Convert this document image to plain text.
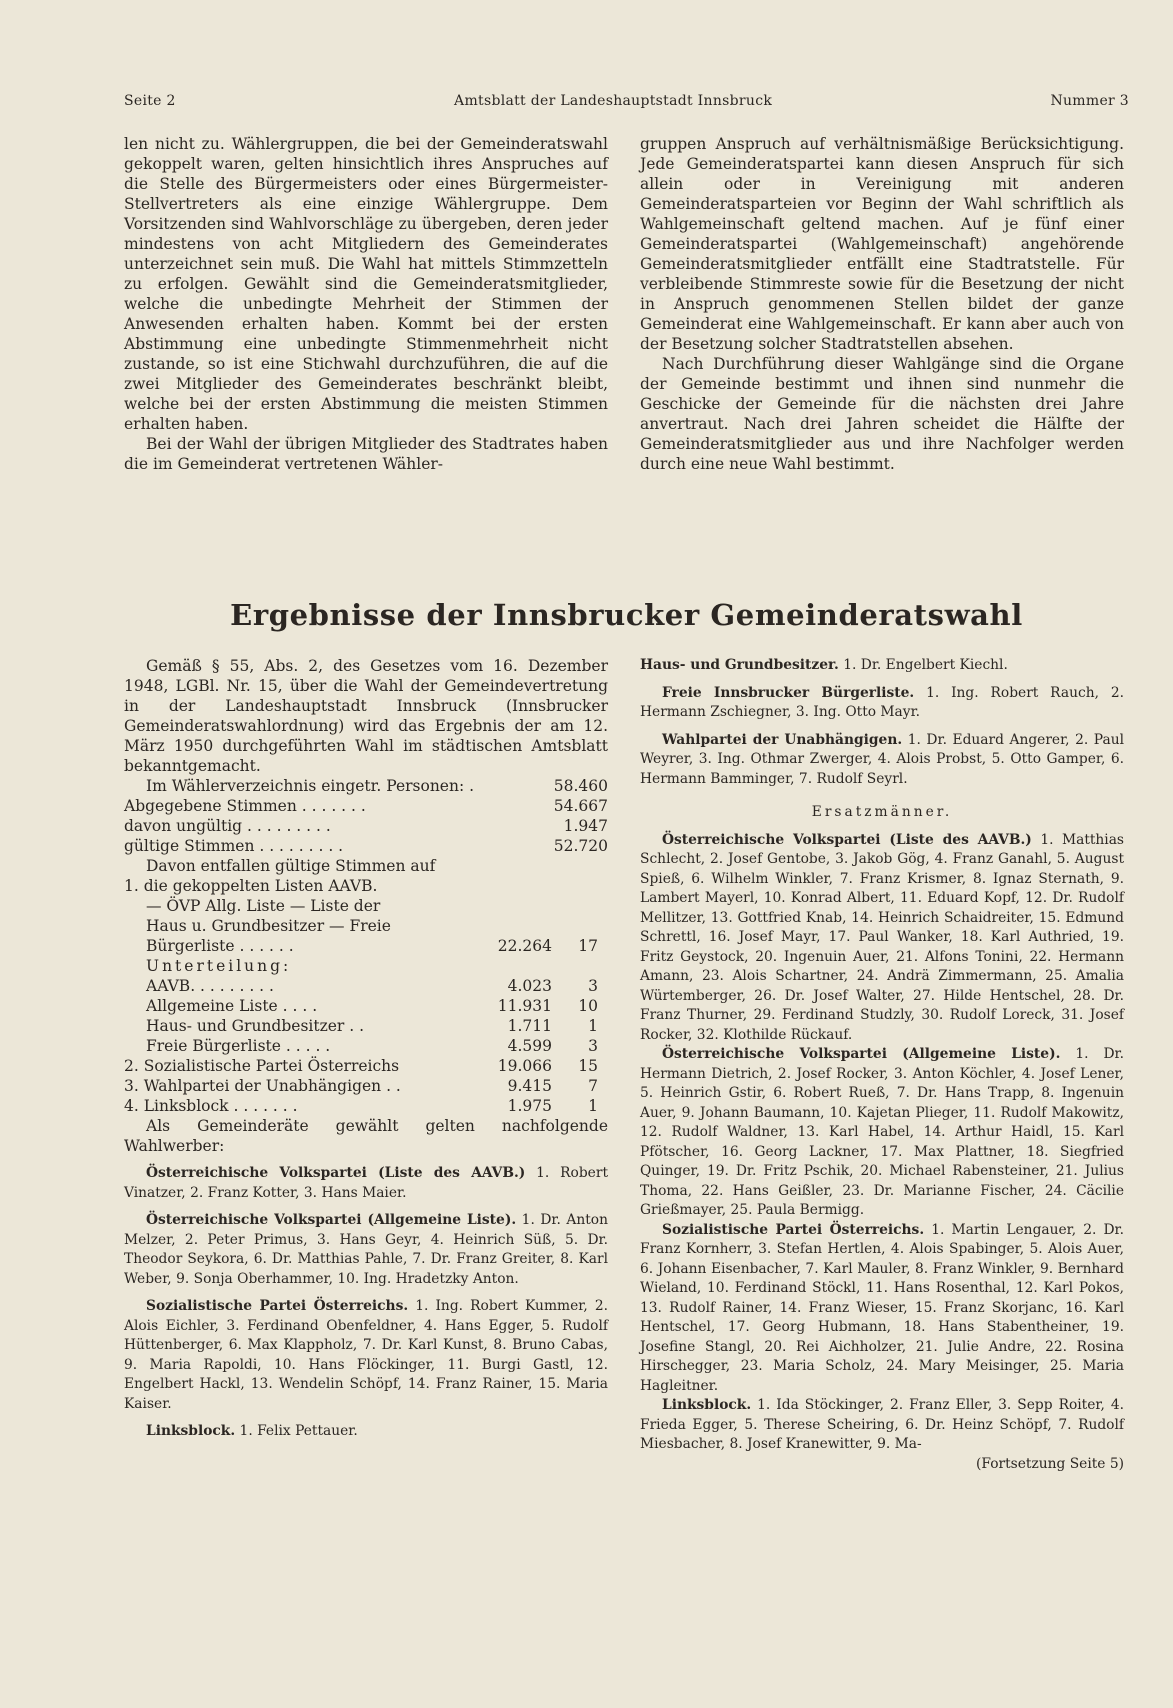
Seite 2	Amtsblatt der Landeshauptstadt Innsbruck	Nummer 3

len nicht zu. Wählergruppen, die bei der Gemeinderatswahl gekoppelt waren, gelten hinsichtlich ihres Anspruches auf die Stelle des Bürgermeisters oder eines Bürgermeister-Stellvertreters als eine einzige Wählergruppe. Dem Vorsitzenden sind Wahlvorschläge zu übergeben, deren jeder mindestens von acht Mitgliedern des Gemeinderates unterzeichnet sein muß. Die Wahl hat mittels Stimmzetteln zu erfolgen. Gewählt sind die Gemeinderatsmitglieder, welche die unbedingte Mehrheit der Stimmen der Anwesenden erhalten haben. Kommt bei der ersten Abstimmung eine unbedingte Stimmenmehrheit nicht zustande, so ist eine Stichwahl durchzuführen, die auf die zwei Mitglieder des Gemeinderates beschränkt bleibt, welche bei der ersten Abstimmung die meisten Stimmen erhalten haben.

Bei der Wahl der übrigen Mitglieder des Stadtrates haben die im Gemeinderat vertretenen Wähler-

gruppen Anspruch auf verhältnismäßige Berücksichtigung. Jede Gemeinderatspartei kann diesen Anspruch für sich allein oder in Vereinigung mit anderen Gemeinderatsparteien vor Beginn der Wahl schriftlich als Wahlgemeinschaft geltend machen. Auf je fünf einer Gemeinderatspartei (Wahlgemeinschaft) angehörende Gemeinderatsmitglieder entfällt eine Stadtratstelle. Für verbleibende Stimmreste sowie für die Besetzung der nicht in Anspruch genommenen Stellen bildet der ganze Gemeinderat eine Wahlgemeinschaft. Er kann aber auch von der Besetzung solcher Stadtratstellen absehen.

Nach Durchführung dieser Wahlgänge sind die Organe der Gemeinde bestimmt und ihnen sind nunmehr die Geschicke der Gemeinde für die nächsten drei Jahre anvertraut. Nach drei Jahren scheidet die Hälfte der Gemeinderatsmitglieder aus und ihre Nachfolger werden durch eine neue Wahl bestimmt.

Ergebnisse der Innsbrucker Gemeinderatswahl

Gemäß § 55, Abs. 2, des Gesetzes vom 16. Dezember 1948, LGBl. Nr. 15, über die Wahl der Gemeindevertretung in der Landeshauptstadt Innsbruck (Innsbrucker Gemeinderatswahlordnung) wird das Ergebnis der am 12. März 1950 durchgeführten Wahl im städtischen Amtsblatt bekanntgemacht.

Im Wählerverzeichnis eingetr. Personen: .	58.460
Abgegebene Stimmen . . . . . . .	54.667
davon ungültig . . . . . . . . .	1.947
gültige Stimmen . . . . . . . . .	52.720

Davon entfallen gültige Stimmen auf

1. die gekoppelten Listen AAVB.
— ÖVP Allg. Liste — Liste der
Haus u. Grundbesitzer — Freie
Bürgerliste . . . . . .	22.264	17
Unterteilung:
AAVB. . . . . . . . .	4.023	3
Allgemeine Liste . . . .	11.931	10
Haus- und Grundbesitzer . .	1.711	1
Freie Bürgerliste . . . . .	4.599	3
2. Sozialistische Partei Österreichs	19.066	15
3. Wahlpartei der Unabhängigen . .	9.415	7
4. Linksblock . . . . . . .	1.975	1

Als Gemeinderäte gewählt gelten nachfolgende Wahlwerber:

Österreichische Volkspartei (Liste des AAVB.) 1. Robert Vinatzer, 2. Franz Kotter, 3. Hans Maier.

Österreichische Volkspartei (Allgemeine Liste). 1. Dr. Anton Melzer, 2. Peter Primus, 3. Hans Geyr, 4. Heinrich Süß, 5. Dr. Theodor Seykora, 6. Dr. Matthias Pahle, 7. Dr. Franz Greiter, 8. Karl Weber, 9. Sonja Oberhammer, 10. Ing. Hradetzky Anton.

Sozialistische Partei Österreichs. 1. Ing. Robert Kummer, 2. Alois Eichler, 3. Ferdinand Obenfeldner, 4. Hans Egger, 5. Rudolf Hüttenberger, 6. Max Klappholz, 7. Dr. Karl Kunst, 8. Bruno Cabas, 9. Maria Rapoldi, 10. Hans Flöckinger, 11. Burgi Gastl, 12. Engelbert Hackl, 13. Wendelin Schöpf, 14. Franz Rainer, 15. Maria Kaiser.

Linksblock. 1. Felix Pettauer.

Haus- und Grundbesitzer. 1. Dr. Engelbert Kiechl.

Freie Innsbrucker Bürgerliste. 1. Ing. Robert Rauch, 2. Hermann Zschiegner, 3. Ing. Otto Mayr.

Wahlpartei der Unabhängigen. 1. Dr. Eduard Angerer, 2. Paul Weyrer, 3. Ing. Othmar Zwerger, 4. Alois Probst, 5. Otto Gamper, 6. Hermann Bamminger, 7. Rudolf Seyrl.

Ersatzmänner.

Österreichische Volkspartei (Liste des AAVB.) 1. Matthias Schlecht, 2. Josef Gentobe, 3. Jakob Gög, 4. Franz Ganahl, 5. August Spieß, 6. Wilhelm Winkler, 7. Franz Krismer, 8. Ignaz Sternath, 9. Lambert Mayerl, 10. Konrad Albert, 11. Eduard Kopf, 12. Dr. Rudolf Mellitzer, 13. Gottfried Knab, 14. Heinrich Schaidreiter, 15. Edmund Schrettl, 16. Josef Mayr, 17. Paul Wanker, 18. Karl Authried, 19. Fritz Geystock, 20. Ingenuin Auer, 21. Alfons Tonini, 22. Hermann Amann, 23. Alois Schartner, 24. Andrä Zimmermann, 25. Amalia Würtemberger, 26. Dr. Josef Walter, 27. Hilde Hentschel, 28. Dr. Franz Thurner, 29. Ferdinand Studzly, 30. Rudolf Loreck, 31. Josef Rocker, 32. Klothilde Rückauf.

Österreichische Volkspartei (Allgemeine Liste). 1. Dr. Hermann Dietrich, 2. Josef Rocker, 3. Anton Köchler, 4. Josef Lener, 5. Heinrich Gstir, 6. Robert Rueß, 7. Dr. Hans Trapp, 8. Ingenuin Auer, 9. Johann Baumann, 10. Kajetan Plieger, 11. Rudolf Makowitz, 12. Rudolf Waldner, 13. Karl Habel, 14. Arthur Haidl, 15. Karl Pfötscher, 16. Georg Lackner, 17. Max Plattner, 18. Siegfried Quinger, 19. Dr. Fritz Pschik, 20. Michael Rabensteiner, 21. Julius Thoma, 22. Hans Geißler, 23. Dr. Marianne Fischer, 24. Cäcilie Grießmayer, 25. Paula Bermigg.

Sozialistische Partei Österreichs. 1. Martin Lengauer, 2. Dr. Franz Kornherr, 3. Stefan Hertlen, 4. Alois Spabinger, 5. Alois Auer, 6. Johann Eisenbacher, 7. Karl Mauler, 8. Franz Winkler, 9. Bernhard Wieland, 10. Ferdinand Stöckl, 11. Hans Rosenthal, 12. Karl Pokos, 13. Rudolf Rainer, 14. Franz Wieser, 15. Franz Skorjanc, 16. Karl Hentschel, 17. Georg Hubmann, 18. Hans Stabentheiner, 19. Josefine Stangl, 20. Rei Aichholzer, 21. Julie Andre, 22. Rosina Hirschegger, 23. Maria Scholz, 24. Mary Meisinger, 25. Maria Hagleitner.

Linksblock. 1. Ida Stöckinger, 2. Franz Eller, 3. Sepp Roiter, 4. Frieda Egger, 5. Therese Scheiring, 6. Dr. Heinz Schöpf, 7. Rudolf Miesbacher, 8. Josef Kranewitter, 9. Ma-

(Fortsetzung Seite 5)
